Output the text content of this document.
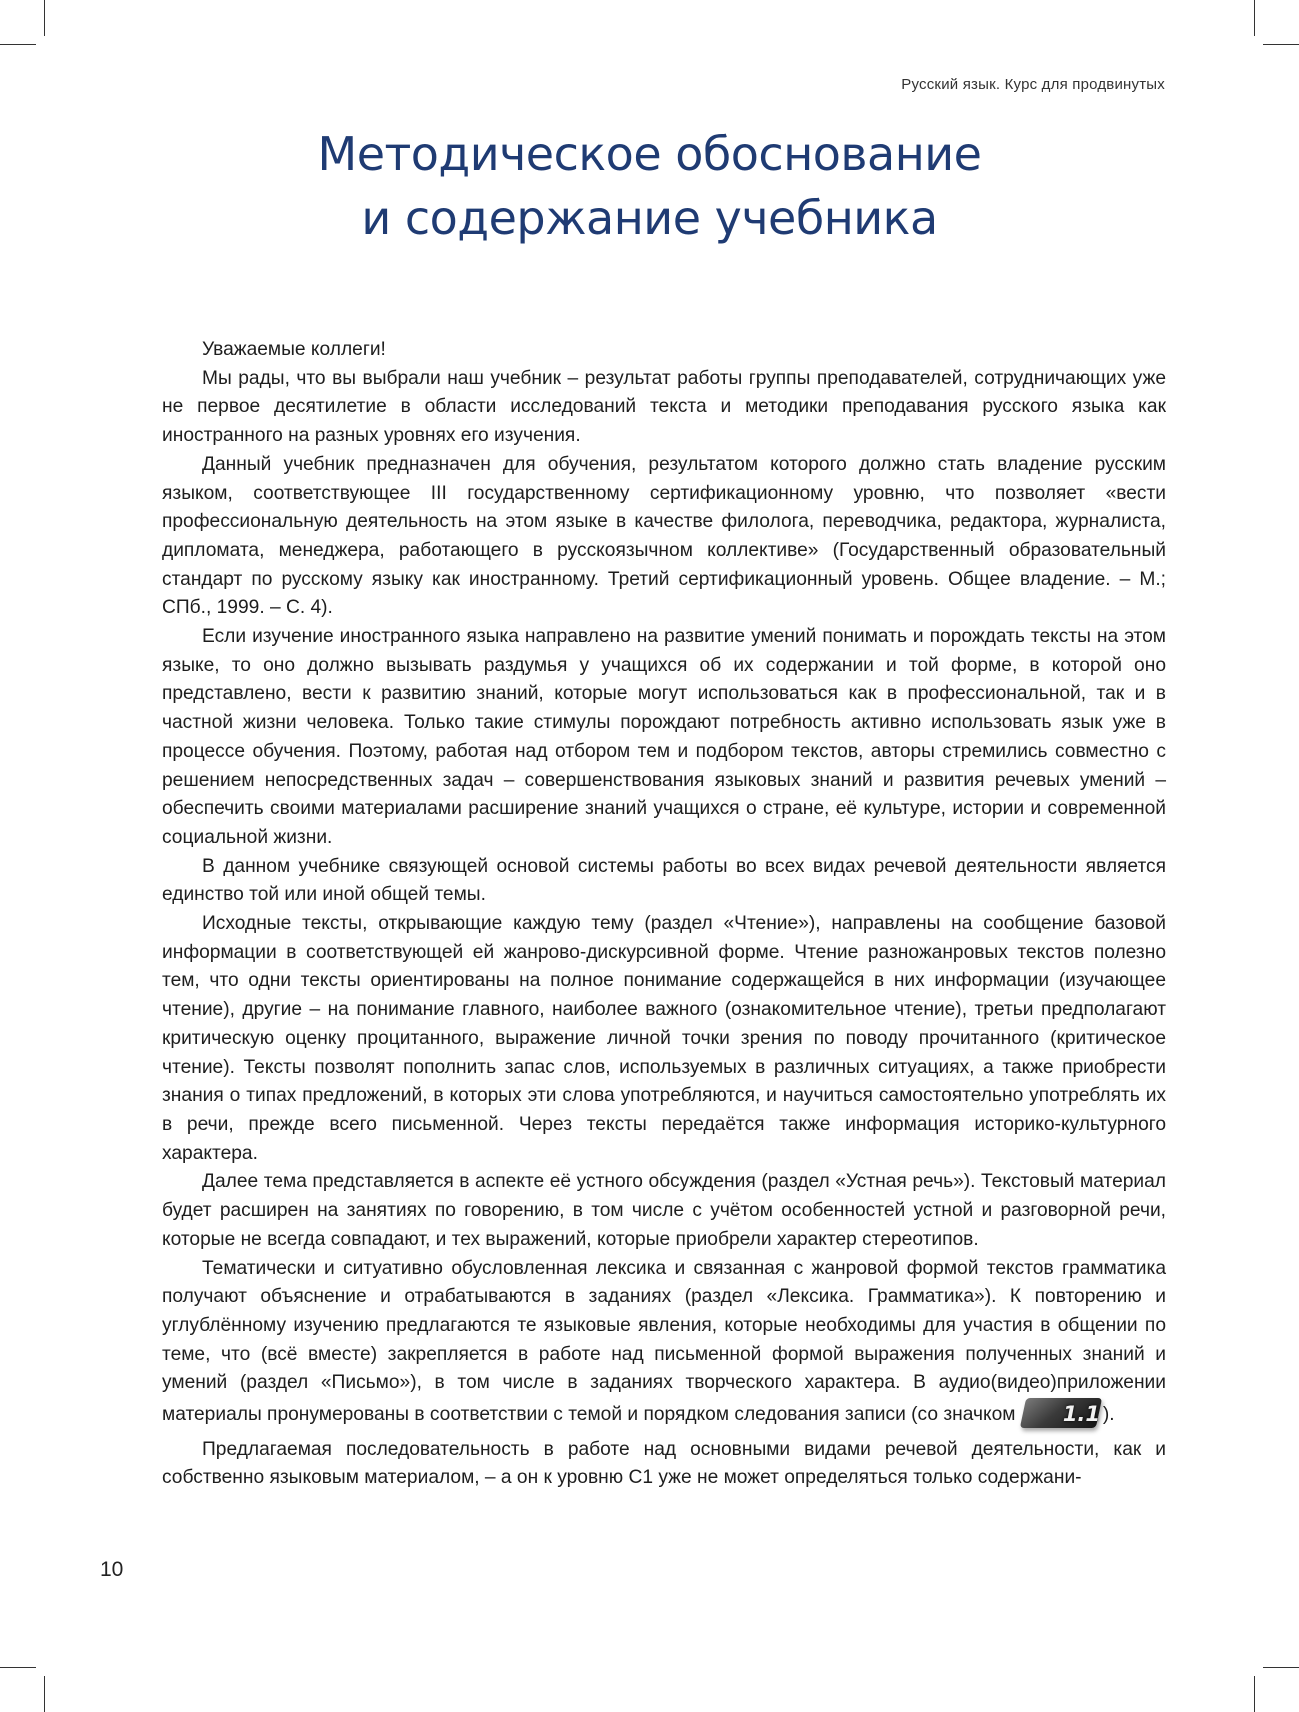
Русский язык. Курс для продвинутых
Методическое обоснование
и содержание учебника

Уважаемые коллеги!

Мы рады, что вы выбрали наш учебник – результат работы группы преподавателей, сотрудничающих уже не первое десятилетие в области исследований текста и методики преподавания русского языка как иностранного на разных уровнях его изучения.

Данный учебник предназначен для обучения, результатом которого должно стать владение русским языком, соответствующее III государственному сертификационному уровню, что позволяет «вести профессиональную деятельность на этом языке в качестве филолога, переводчика, редактора, журналиста, дипломата, менеджера, работающего в русскоязычном коллективе» (Государственный образовательный стандарт по русскому языку как иностранному. Третий сертификационный уровень. Общее владение. – М.; СПб., 1999. – С. 4).

Если изучение иностранного языка направлено на развитие умений понимать и порождать тексты на этом языке, то оно должно вызывать раздумья у учащихся об их содержании и той форме, в которой оно представлено, вести к развитию знаний, которые могут использоваться как в профессиональной, так и в частной жизни человека. Только такие стимулы порождают потребность активно использовать язык уже в процессе обучения. Поэтому, работая над отбором тем и подбором текстов, авторы стремились совместно с решением непосредственных задач – совершенствования языковых знаний и развития речевых умений – обеспечить своими материалами расширение знаний учащихся о стране, её культуре, истории и современной социальной жизни.

В данном учебнике связующей основой системы работы во всех видах речевой деятельности является единство той или иной общей темы.

Исходные тексты, открывающие каждую тему (раздел «Чтение»), направлены на сообщение базовой информации в соответствующей ей жанрово-дискурсивной форме. Чтение разножанровых текстов полезно тем, что одни тексты ориентированы на полное понимание содержащейся в них информации (изучающее чтение), другие – на понимание главного, наиболее важного (ознакомительное чтение), третьи предполагают критическую оценку процитанного, выражение личной точки зрения по поводу прочитанного (критическое чтение). Тексты позволят пополнить запас слов, используемых в различных ситуациях, а также приобрести знания о типах предложений, в которых эти слова употребляются, и научиться самостоятельно употреблять их в речи, прежде всего письменной. Через тексты передаётся также информация историко-культурного характера.

Далее тема представляется в аспекте её устного обсуждения (раздел «Устная речь»). Текстовый материал будет расширен на занятиях по говорению, в том числе с учётом особенностей устной и разговорной речи, которые не всегда совпадают, и тех выражений, которые приобрели характер стереотипов.

Тематически и ситуативно обусловленная лексика и связанная с жанровой формой текстов грамматика получают объяснение и отрабатываются в заданиях (раздел «Лексика. Грамматика»). К повторению и углублённому изучению предлагаются те языковые явления, которые необходимы для участия в общении по теме, что (всё вместе) закрепляется в работе над письменной формой выражения полученных знаний и умений (раздел «Письмо»), в том числе в заданиях творческого характера. В аудио(видео)приложении материалы пронумерованы в соответствии с темой и порядком следования записи (со значком	1.1 ).

Предлагаемая последовательность в работе над основными видами речевой деятельности, как и собственно языковым материалом, – а он к уровню С1 уже не может определяться только содержани-

10
